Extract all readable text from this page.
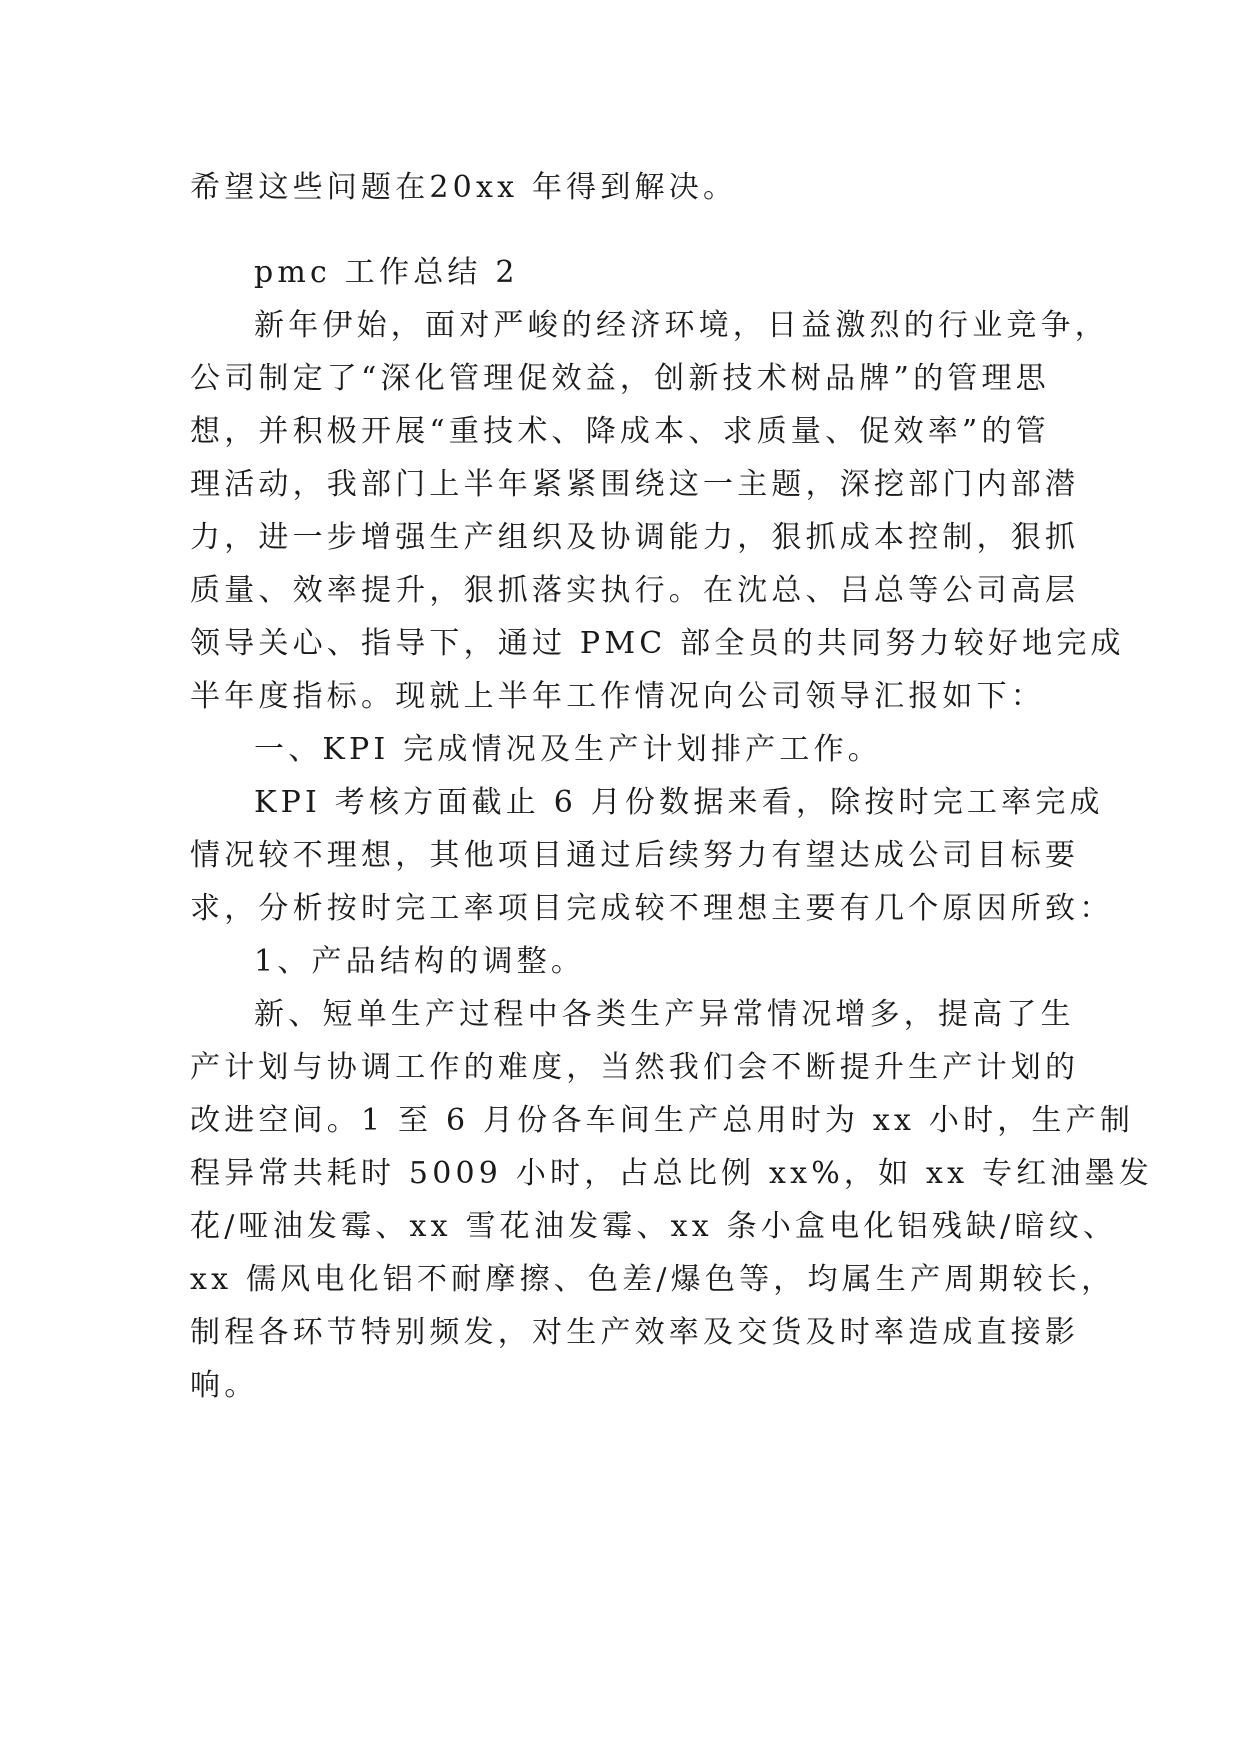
希望这些问题在20xx 年得到解决。
pmc 工作总结 2
新年伊始，面对严峻的经济环境，日益激烈的行业竞争，
公司制定了“深化管理促效益，创新技术树品牌”的管理思
想，并积极开展“重技术、降成本、求质量、促效率”的管
理活动，我部门上半年紧紧围绕这一主题，深挖部门内部潜
力，进一步增强生产组织及协调能力，狠抓成本控制，狠抓
质量、效率提升，狠抓落实执行。在沈总、吕总等公司高层
领导关心、指导下，通过 PMC 部全员的共同努力较好地完成
半年度指标。现就上半年工作情况向公司领导汇报如下：
一、KPI 完成情况及生产计划排产工作。
KPI 考核方面截止 6 月份数据来看，除按时完工率完成
情况较不理想，其他项目通过后续努力有望达成公司目标要
求，分析按时完工率项目完成较不理想主要有几个原因所致：
1、产品结构的调整。
新、短单生产过程中各类生产异常情况增多，提高了生
产计划与协调工作的难度，当然我们会不断提升生产计划的
改进空间。1 至 6 月份各车间生产总用时为 xx 小时，生产制
程异常共耗时 5009 小时，占总比例 xx%，如 xx 专红油墨发
花/哑油发霉、xx 雪花油发霉、xx 条小盒电化铝残缺/暗纹、
xx 儒风电化铝不耐摩擦、色差/爆色等，均属生产周期较长，
制程各环节特别频发，对生产效率及交货及时率造成直接影
响。
